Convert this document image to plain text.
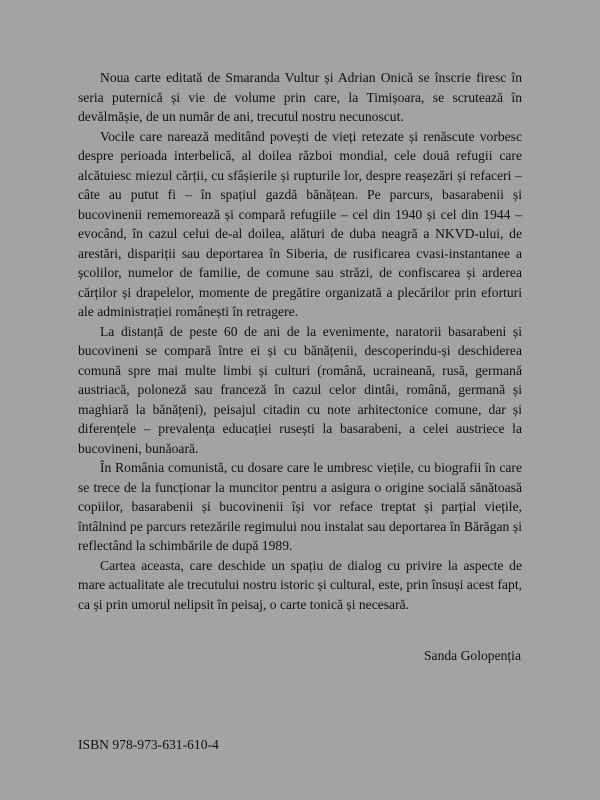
Noua carte editată de Smaranda Vultur și Adrian Onică se înscrie firesc în seria puternică și vie de volume prin care, la Timișoara, se scrutează în devălmășie, de un număr de ani, trecutul nostru necunoscut.

Vocile care narează meditând povești de vieți retezate și renăscute vorbesc despre perioada interbelică, al doilea război mondial, cele două refugii care alcătuiesc miezul cărții, cu sfâșierile și rupturile lor, despre reașezări și refaceri – câte au putut fi – în spațiul gazdă bănățean. Pe parcurs, basarabenii și bucovinenii rememorează și compară refugiile – cel din 1940 și cel din 1944 – evocând, în cazul celui de-al doilea, alături de duba neagră a NKVD-ului, de arestări, dispariții sau deportarea în Siberia, de rusificarea cvasi-instantanee a școlilor, numelor de familie, de comune sau străzi, de confiscarea și arderea cărților și drapelelor, momente de pregătire organizată a plecărilor prin eforturi ale administrației românești în retragere.

La distanță de peste 60 de ani de la evenimente, naratorii basarabeni și bucovineni se compară între ei și cu bănățenii, descoperindu-și deschiderea comună spre mai multe limbi și culturi (română, ucraineană, rusă, germană austriacă, poloneză sau franceză în cazul celor dintâi, română, germană și maghiară la bănățeni), peisajul citadin cu note arhitectonice comune, dar și diferențele – prevalența educației rusești la basarabeni, a celei austriece la bucovineni, bunăoară.

În România comunistă, cu dosare care le umbresc viețile, cu biografii în care se trece de la funcționar la muncitor pentru a asigura o origine socială sănătoasă copiilor, basarabenii și bucovinenii își vor reface treptat și parțial viețile, întâlnind pe parcurs retezările regimului nou instalat sau deportarea în Bărăgan și reflectând la schimbările de după 1989.

Cartea aceasta, care deschide un spațiu de dialog cu privire la aspecte de mare actualitate ale trecutului nostru istoric și cultural, este, prin însuși acest fapt, ca și prin umorul nelipsit în peisaj, o carte tonică și necesară.

Sanda Golopenția
ISBN 978-973-631-610-4
